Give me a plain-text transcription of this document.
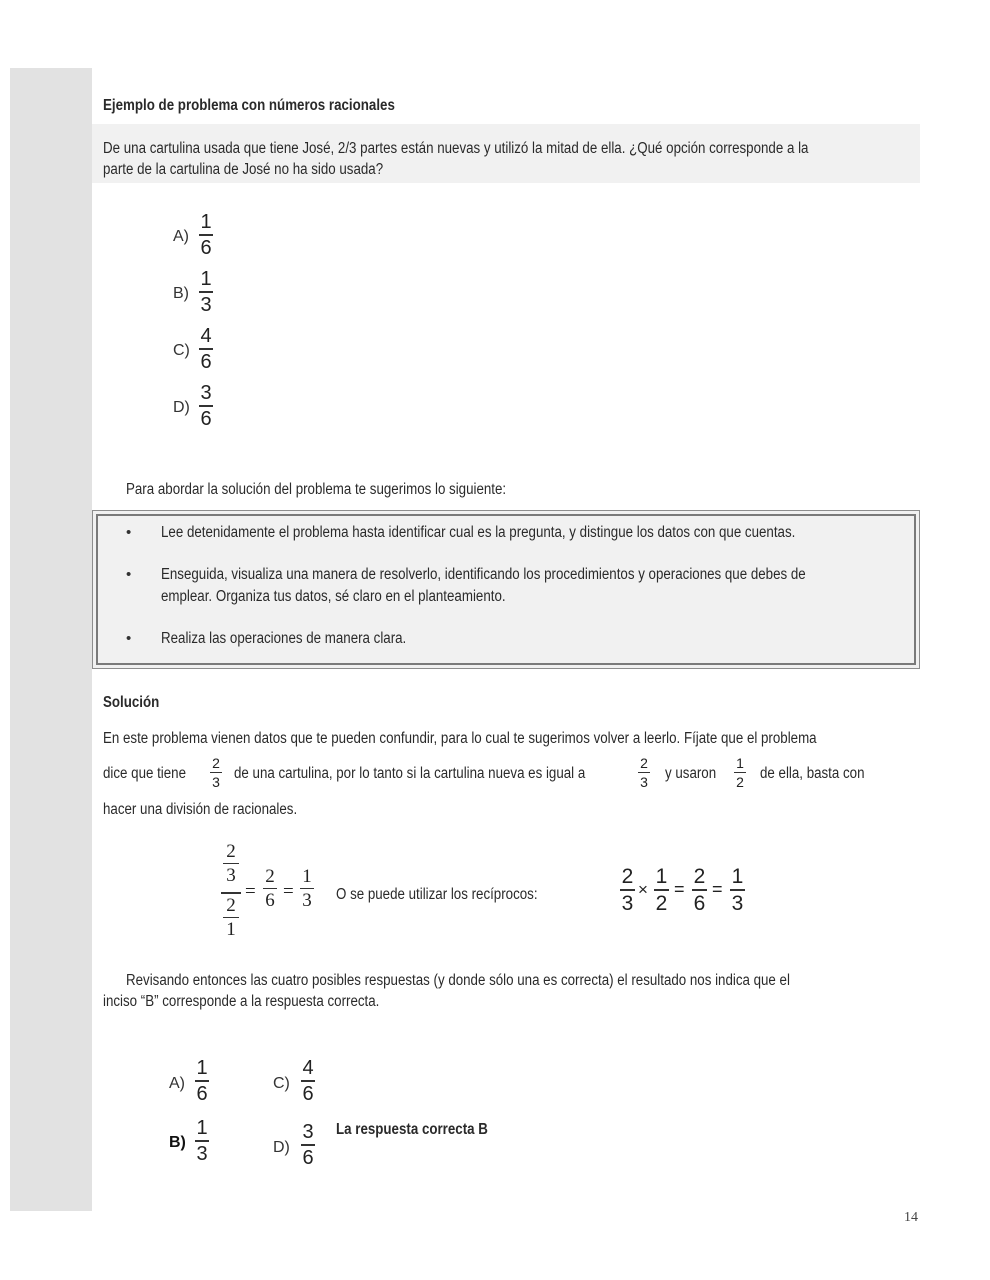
Ejemplo de problema con números racionales
De una cartulina usada que tiene José, 2/3 partes están nuevas y utilizó la mitad de ella. ¿Qué opción corresponde a la
parte de la cartulina de José no ha sido usada?
A)
1
6
B)
1
3
C)
4
6
D)
3
6
Para abordar la solución del problema te sugerimos lo siguiente:
• Lee detenidamente el problema hasta identificar cual es la pregunta, y distingue los datos con que cuentas.
• Enseguida, visualiza una manera de resolverlo, identificando los procedimientos y operaciones que debes de
emplear. Organiza tus datos, sé claro en el planteamiento.
• Realiza las operaciones de manera clara.
Solución
En este problema vienen datos que te pueden confundir, para lo cual te sugerimos volver a leerlo. Fíjate que el problema
dice que tiene
2
3 de una cartulina, por lo tanto si la cartulina nueva es igual a
2
3 y usaron
1
2 de ella, basta con
hacer una división de racionales.
2
3
2
1
=
2
6 =
1
3 O se puede utilizar los recíprocos:
2
3
×
1
2
=
2
6
=
1
3
Revisando entonces las cuatro posibles respuestas (y donde sólo una es correcta) el resultado nos indica que el
inciso “B” corresponde a la respuesta correcta.
A)
1
6	C)
4
6
B)
1
3	D)
3
6
La respuesta correcta B
14
